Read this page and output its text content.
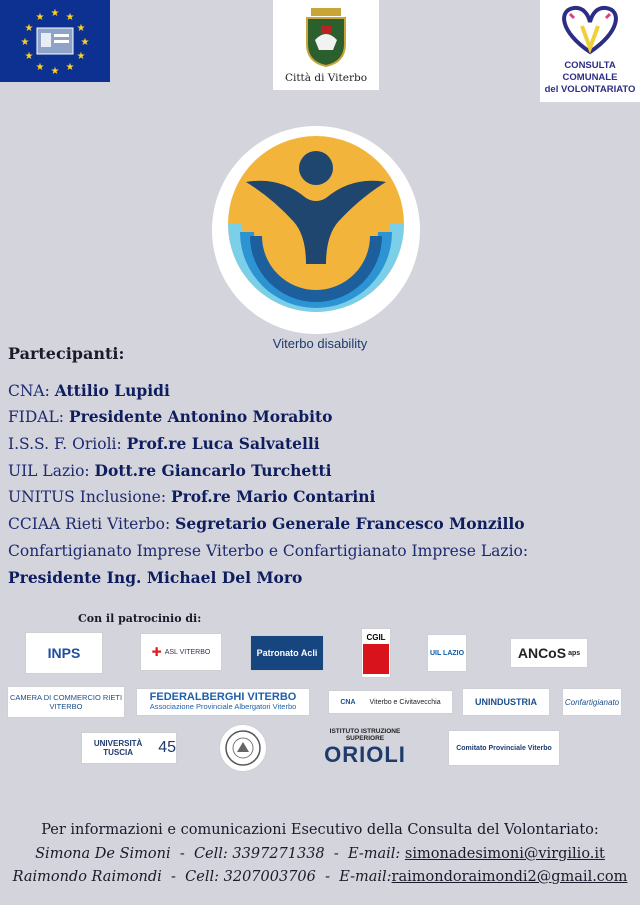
★ ★
★
★
★
★
★
★
★
★
★
★
Città di Viterbo
CONSULTA COMUNALE
del VOLONTARIATO
Viterbo disability
Partecipanti:
CNA: Attilio Lupidi
FIDAL: Presidente Antonino Morabito
I.S.S. F. Orioli: Prof.re Luca Salvatelli
UIL Lazio: Dott.re Giancarlo Turchetti
UNITUS Inclusione: Prof.re Mario Contarini
CCIAA Rieti Viterbo: Segretario Generale Francesco Monzillo
Confartigianato Imprese Viterbo e Confartigianato Imprese Lazio:
Presidente Ing. Michael Del Moro
Con il patrocinio di:
INPS	✚ ASL VITERBO	Patronato Acli
CGIL
UIL LAZIO	ANCoS aps
CAMERA DI COMMERCIO RIETI VITERBO
FEDERALBERGHI VITERBO
Associazione Provinciale Albergatori Viterbo	CNA Viterbo e Civitavecchia	UNINDUSTRIA	Confartigianato
UNIVERSITÀ TUSCIA	45
ISTITUTO ISTRUZIONE SUPERIORE
ORIOLI	Comitato Provinciale Viterbo
Per informazioni e comunicazioni Esecutivo della Consulta del Volontariato:
Simona De Simoni  -  Cell: 3397271338  -  E-mail: simonadesimoni@virgilio.it
Raimondo Raimondi  -  Cell: 3207003706  -  E-mail:raimondoraimondi2@gmail.com
